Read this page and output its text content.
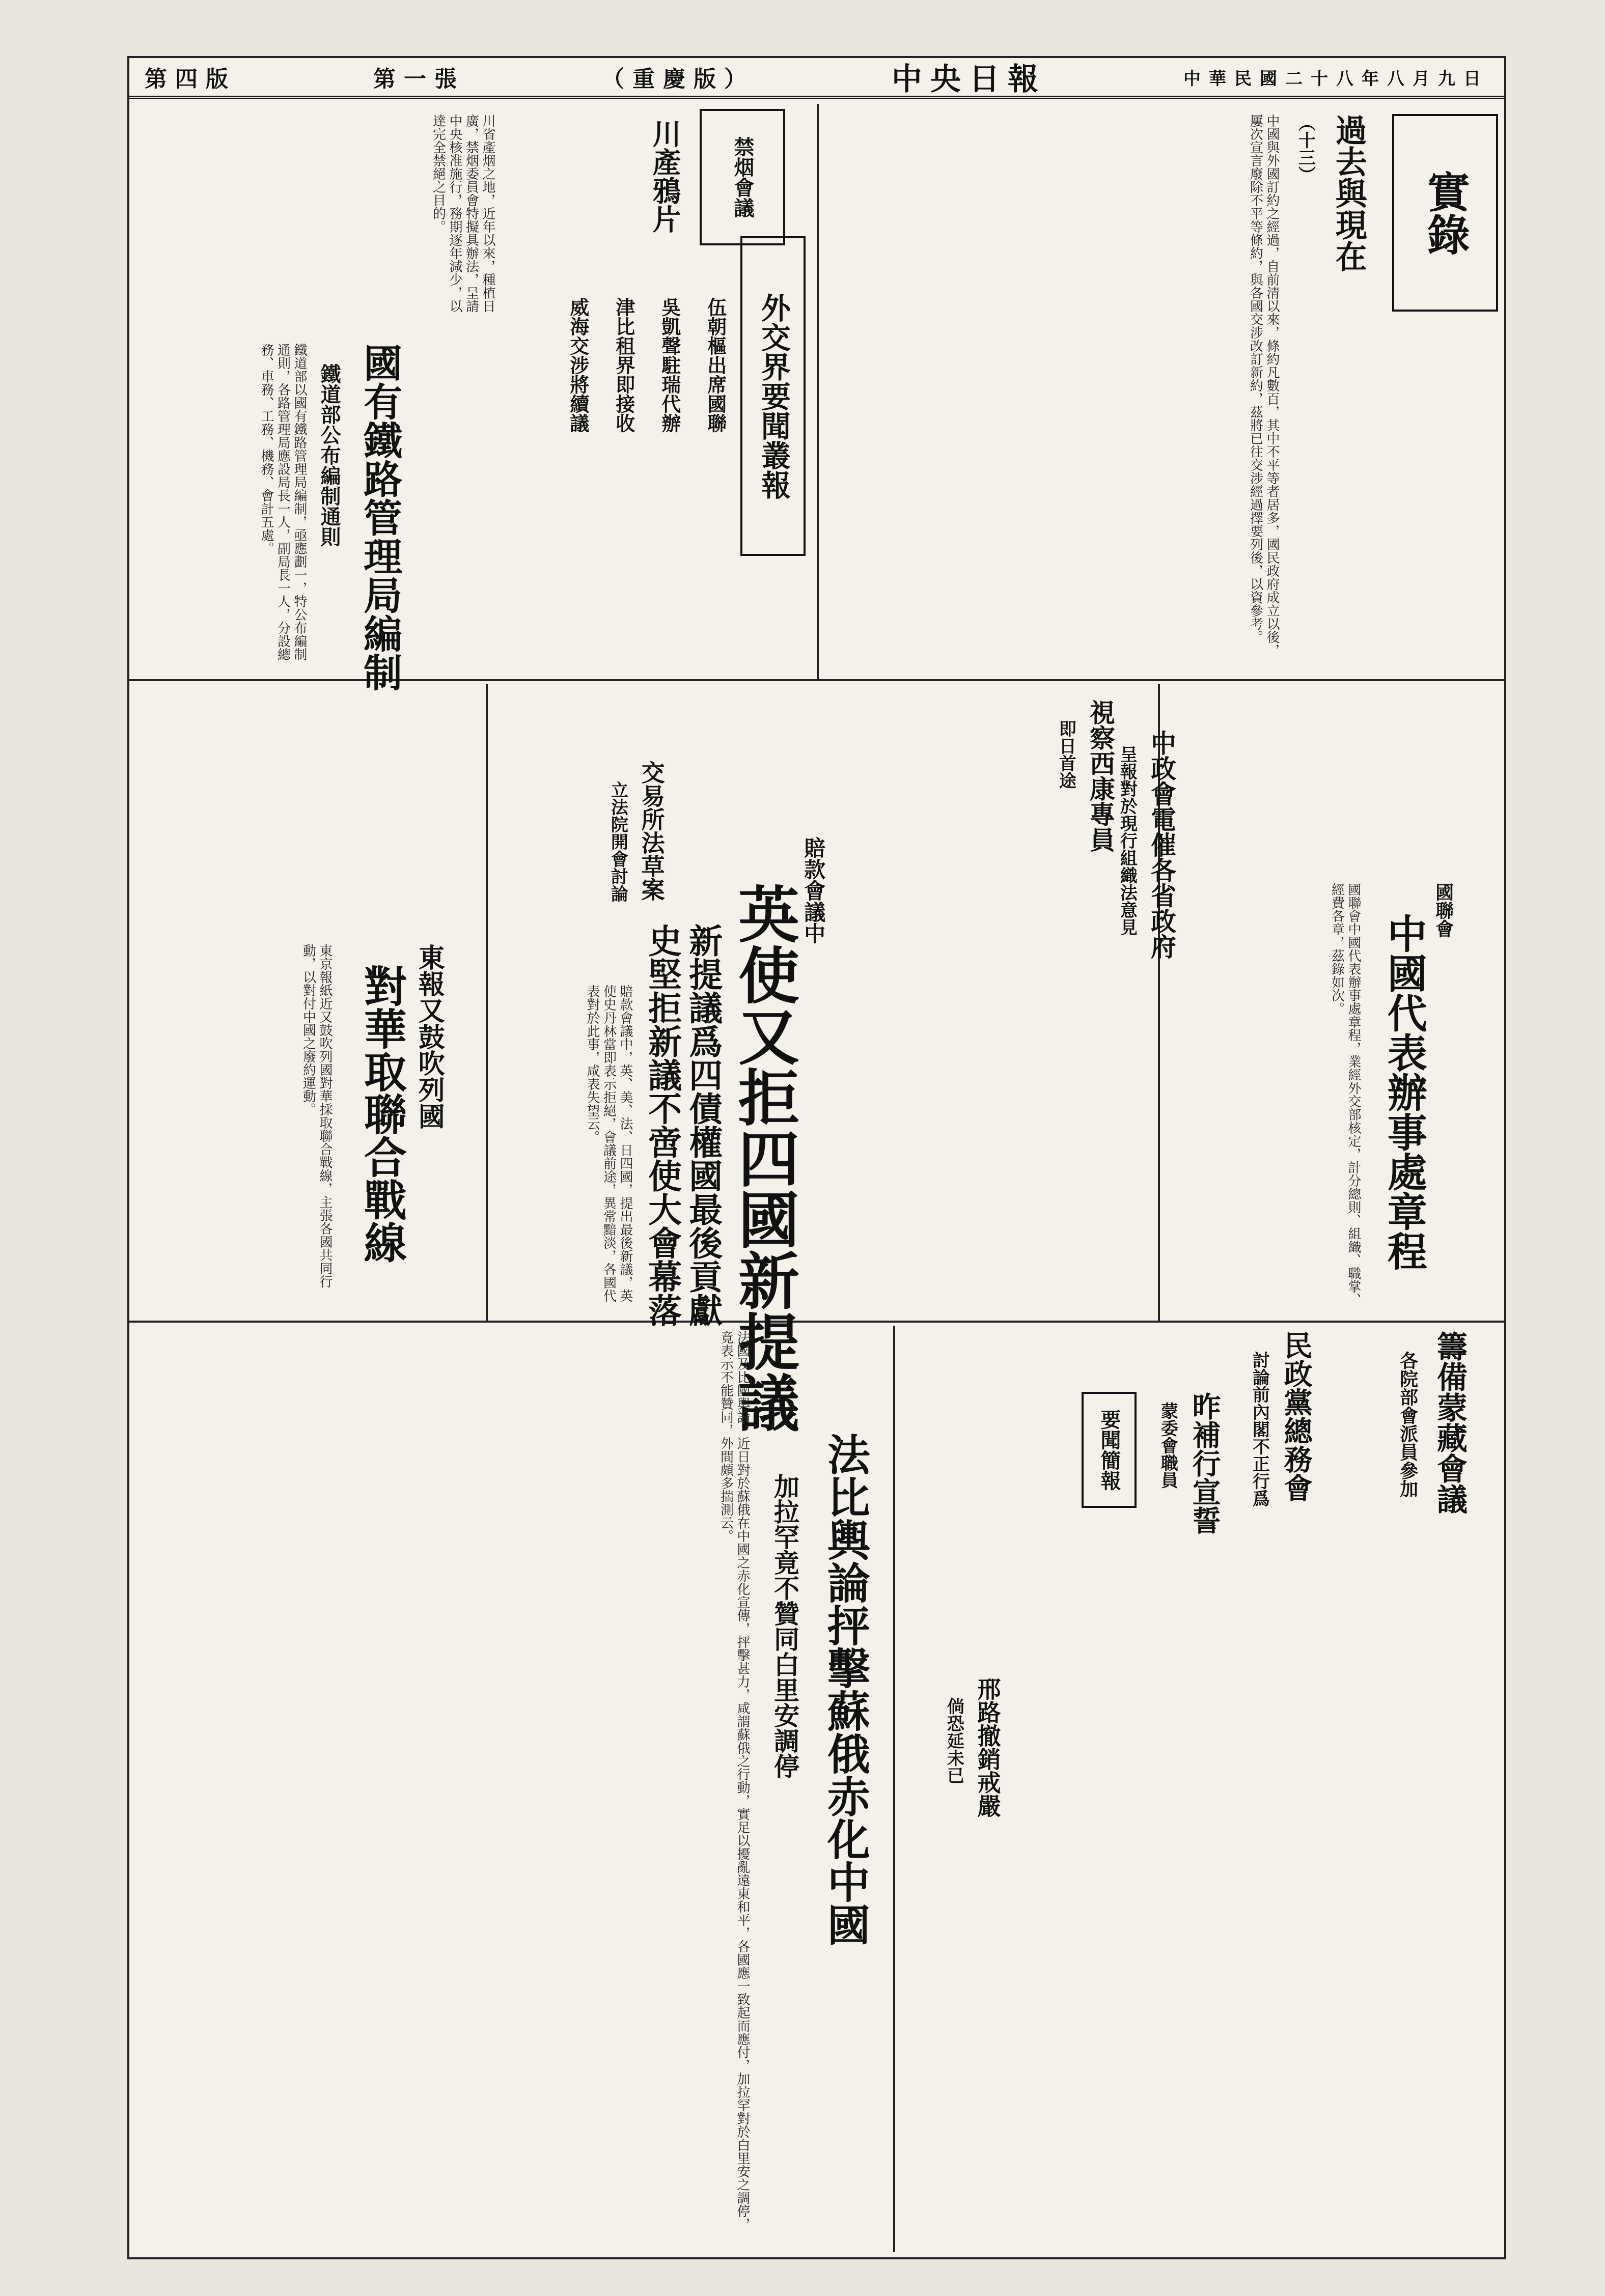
第四版	第一張	（重慶版）	中央日報	中華民國二十八年八月九日
實錄
過去與現在
（十三）
中國與外國訂約之經過，自前清以來，條約凡數百，其中不平等者居多，國民政府成立以後，屢次宣言廢除不平等條約，與各國交涉改訂新約，茲將已往交涉經過擇要列後，以資參考。
外交界要聞叢報
伍朝樞出席國聯
吳凱聲駐瑞代辦
津比租界即接收
威海交涉將續議
禁烟會議
川產鴉片
川省產烟之地，近年以來，種植日廣，禁烟委員會特擬具辦法，呈請中央核准施行，務期逐年減少，以達完全禁絕之目的。
國有鐵路管理局編制
鐵道部公布編制通則
鐵道部以國有鐵路管理局編制，亟應劃一，特公布編制通則，各路管理局應設局長一人，副局長一人，分設總務、車務、工務、機務、會計五處。
賠款會議中
英使又拒四國新提議
新提議爲四債權國最後貢獻
史堅拒新議不啻使大會幕落
賠款會議中，英、美、法、日四國，提出最後新議，英使史丹林當即表示拒絕，會議前途，異常黯淡，各國代表對於此事，咸表失望云。
東報又鼓吹列國
對華取聯合戰線
東京報紙近又鼓吹列國對華採取聯合戰線，主張各國共同行動，以對付中國之廢約運動。
交易所法草案
立法院開會討論	視察西康專員
即日首途	中政會電催各省政府
呈報對於現行組織法意見	國聯會
中國代表辦事處章程
國聯會中國代表辦事處章程，業經外交部核定，計分總則、組織、職掌、經費各章，茲錄如次。
籌備蒙藏會議
各院部會派員參加
民政黨總務會
討論前內閣不正行爲
昨補行宣誓
蒙委會職員
要聞簡報
邢路撤銷戒嚴
倘恐延未已
法比輿論抨擊蘇俄赤化中國
加拉罕竟不贊同白里安調停
法國及比國輿論，近日對於蘇俄在中國之赤化宣傳，抨擊甚力，咸謂蘇俄之行動，實足以擾亂遠東和平，各國應一致起而應付，加拉罕對於白里安之調停，竟表示不能贊同，外間頗多揣測云。
